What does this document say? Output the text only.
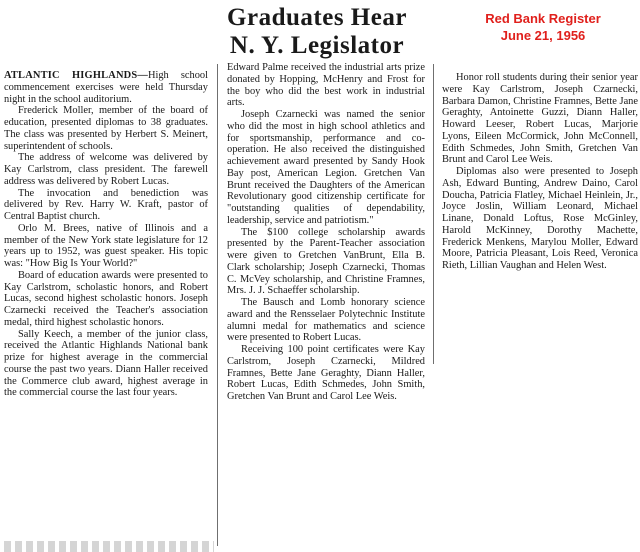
Graduates Hear
N. Y. Legislator
Red Bank Register
June 21, 1956

ATLANTIC HIGHLANDS—High school commencement exercises were held Thursday night in the school auditorium.

Frederick Moller, member of the board of education, presented diplomas to 38 graduates. The class was presented by Herbert S. Meinert, superintendent of schools.

The address of welcome was delivered by Kay Carlstrom, class president. The farewell address was delivered by Robert Lucas.

The invocation and benediction was delivered by Rev. Harry W. Kraft, pastor of Central Baptist church.

Orlo M. Brees, native of Illinois and a member of the New York state legislature for 12 years up to 1952, was guest speaker. His topic was: "How Big Is Your World?"

Board of education awards were presented to Kay Carlstrom, scholastic honors, and Robert Lucas, second highest scholastic honors. Joseph Czarnecki received the Teacher's association medal, third highest scholastic honors.

Sally Keech, a member of the junior class, received the Atlantic Highlands National bank prize for highest average in the commercial course the past two years. Diann Haller received the Commerce club award, highest average in the commercial course the last four years.

Edward Palme received the industrial arts prize donated by Hopping, McHenry and Frost for the boy who did the best work in industrial arts.

Joseph Czarnecki was named the senior who did the most in high school athletics and for sportsmanship, performance and co-operation. He also received the distinguished achievement award presented by Sandy Hook Bay post, American Legion. Gretchen Van Brunt received the Daughters of the American Revolutionary good citizenship certificate for "outstanding qualities of dependability, leadership, service and patriotism."

The $100 college scholarship awards presented by the Parent-Teacher association were given to Gretchen VanBrunt, Ella B. Clark scholarship; Joseph Czarnecki, Thomas C. McVey scholarship, and Christine Framnes, Mrs. J. J. Schaeffer scholarship.

The Bausch and Lomb honorary science award and the Rensselaer Polytechnic Institute alumni medal for mathematics and science were presented to Robert Lucas.

Receiving 100 point certificates were Kay Carlstrom, Joseph Czarnecki, Mildred Framnes, Bette Jane Geraghty, Diann Haller, Robert Lucas, Edith Schmedes, John Smith, Gretchen Van Brunt and Carol Lee Weis.

Honor roll students during their senior year were Kay Carlstrom, Joseph Czarnecki, Barbara Damon, Christine Framnes, Bette Jane Geraghty, Antoinette Guzzi, Diann Haller, Howard Leeser, Robert Lucas, Marjorie Lyons, Eileen McCormick, John McConnell, Edith Schmedes, John Smith, Gretchen Van Brunt and Carol Lee Weis.

Diplomas also were presented to Joseph Ash, Edward Bunting, Andrew Daino, Carol Doucha, Patricia Flatley, Michael Heinlein, Jr., Joyce Joslin, William Leonard, Michael Linane, Donald Loftus, Rose McGinley, Harold McKinney, Dorothy Machette, Frederick Menkens, Marylou Moller, Edward Moore, Patricia Pleasant, Lois Reed, Veronica Rieth, Lillian Vaughan and Helen West.
